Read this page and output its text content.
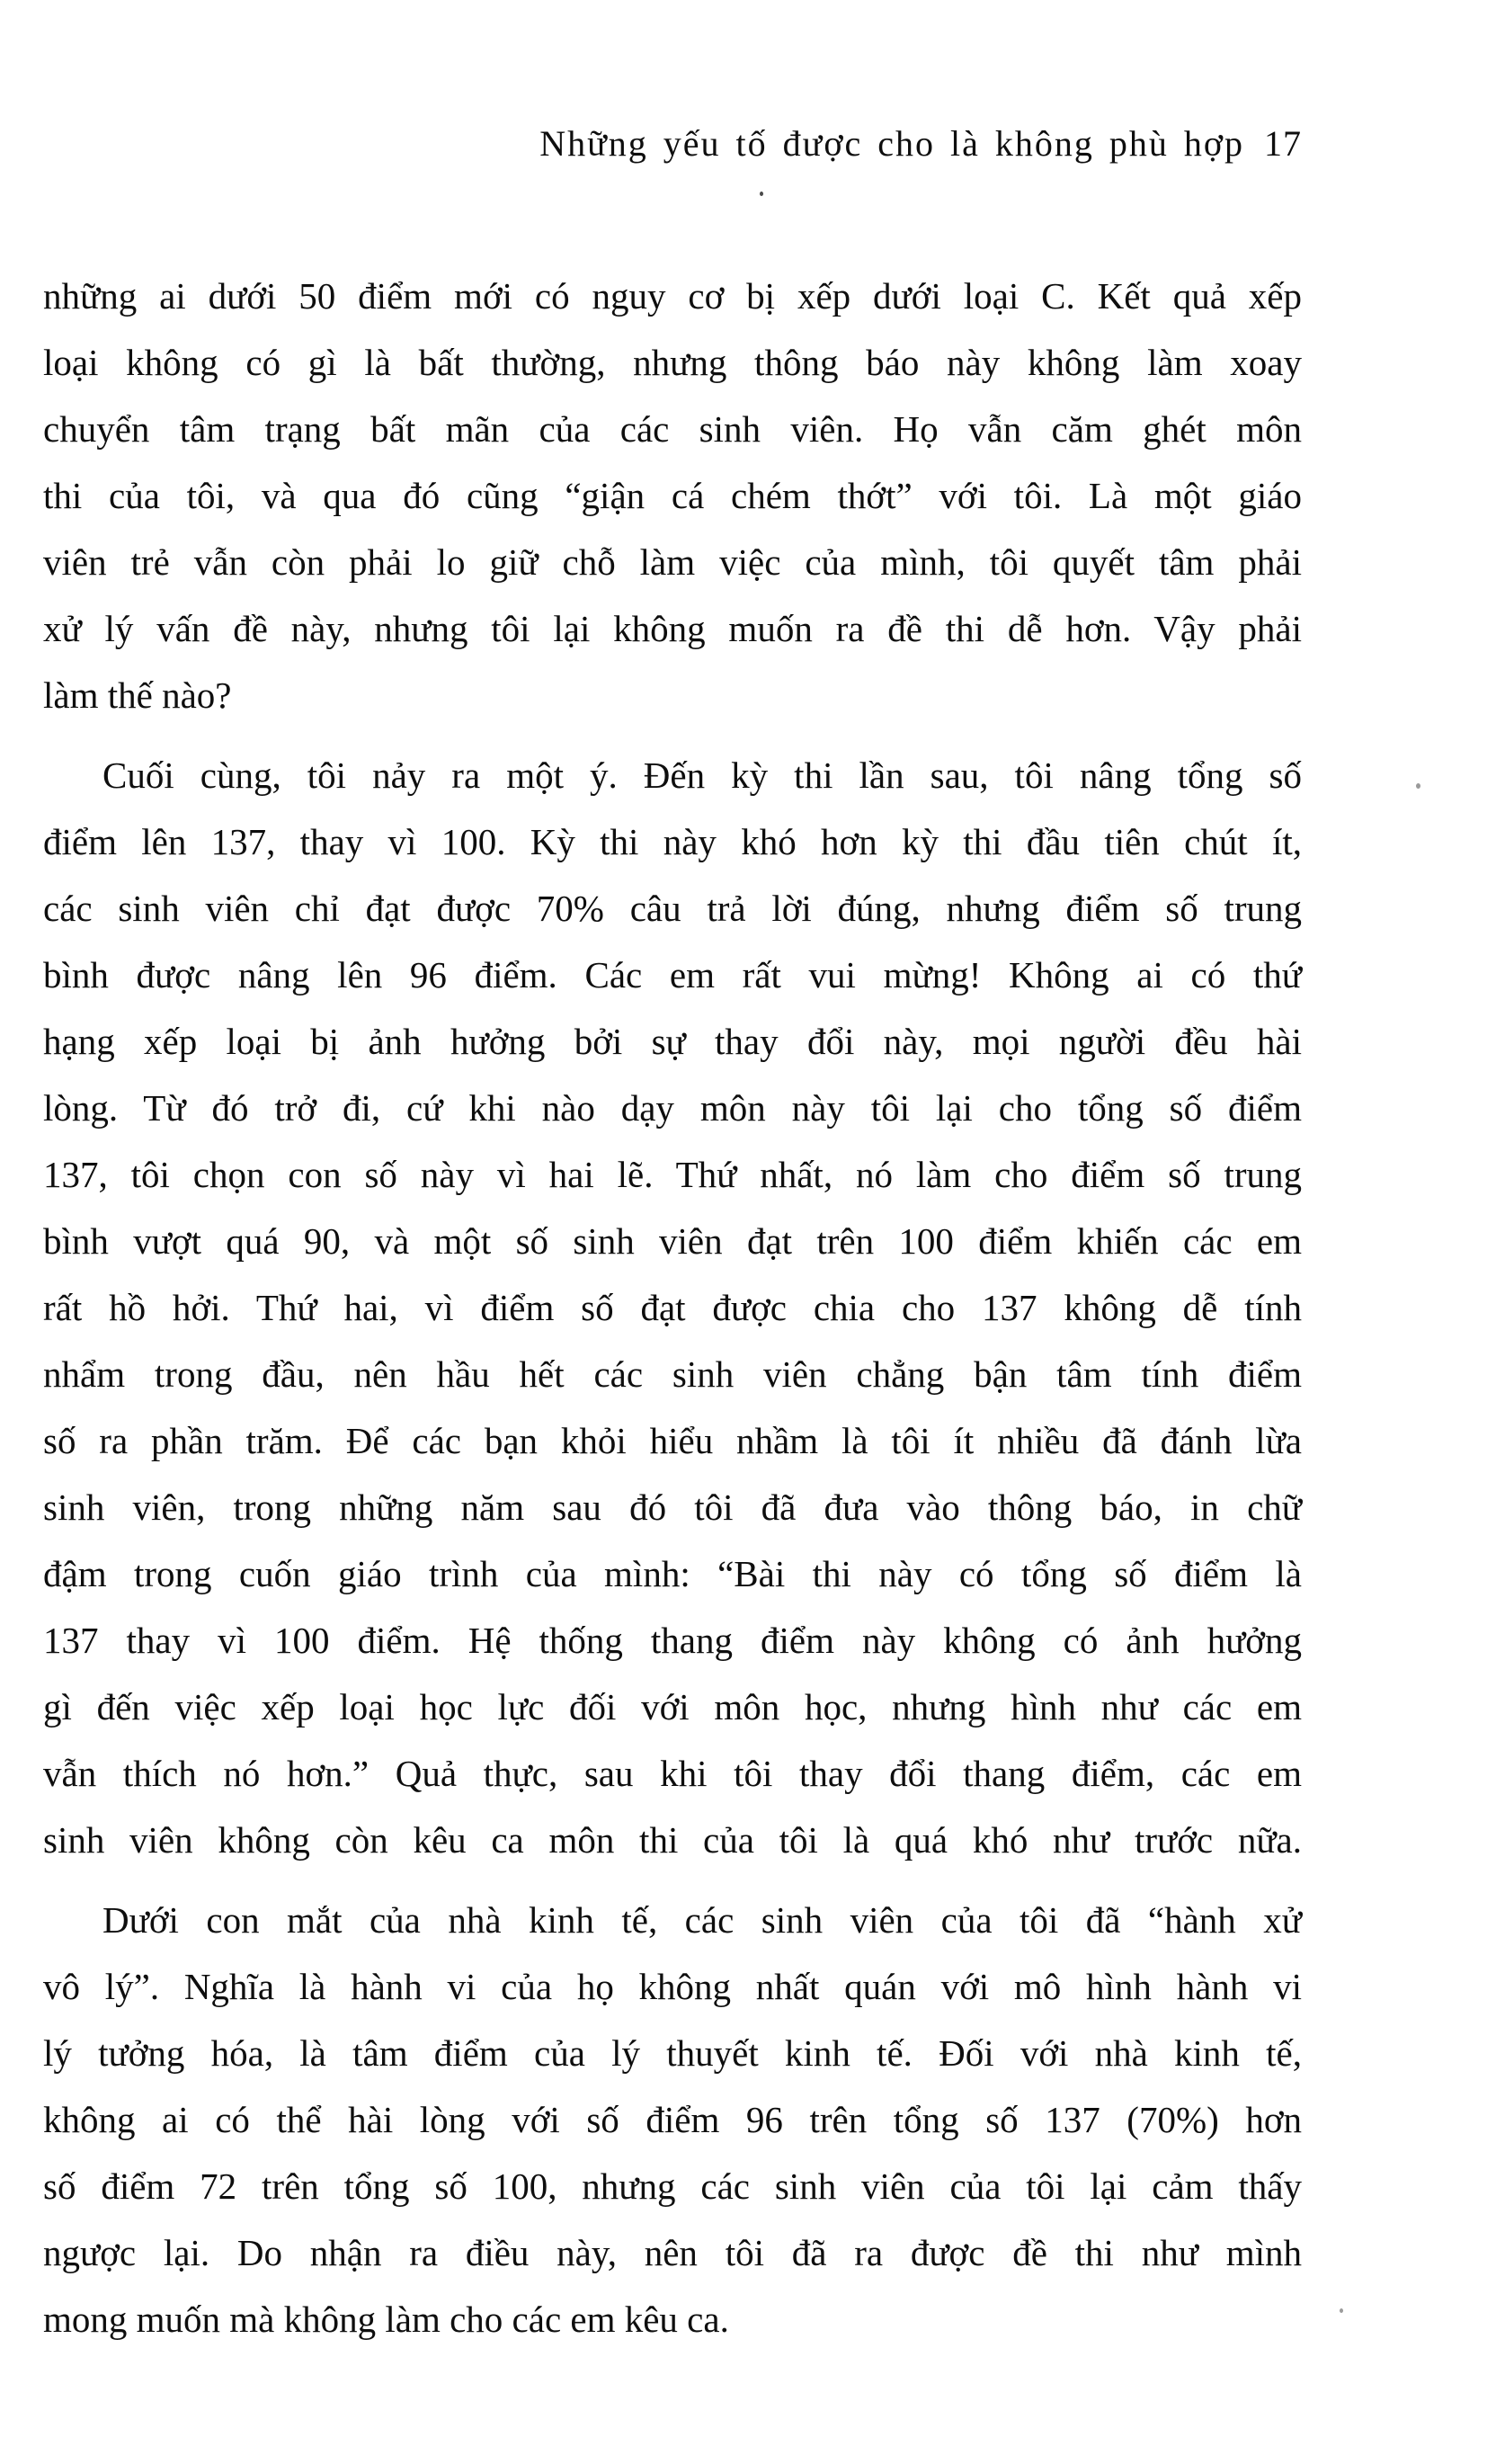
Những yếu tố được cho là không phù hợp 17
những ai dưới 50 điểm mới có nguy cơ bị xếp dưới loại C. Kết quả xếp
loại không có gì là bất thường, nhưng thông báo này không làm xoay
chuyển tâm trạng bất mãn của các sinh viên. Họ vẫn căm ghét môn
thi của tôi, và qua đó cũng “giận cá chém thớt” với tôi. Là một giáo
viên trẻ vẫn còn phải lo giữ chỗ làm việc của mình, tôi quyết tâm phải
xử lý vấn đề này, nhưng tôi lại không muốn ra đề thi dễ hơn. Vậy phải
làm thế nào?
Cuối cùng, tôi nảy ra một ý. Đến kỳ thi lần sau, tôi nâng tổng số
điểm lên 137, thay vì 100. Kỳ thi này khó hơn kỳ thi đầu tiên chút ít,
các sinh viên chỉ đạt được 70% câu trả lời đúng, nhưng điểm số trung
bình được nâng lên 96 điểm. Các em rất vui mừng! Không ai có thứ
hạng xếp loại bị ảnh hưởng bởi sự thay đổi này, mọi người đều hài
lòng. Từ đó trở đi, cứ khi nào dạy môn này tôi lại cho tổng số điểm
137, tôi chọn con số này vì hai lẽ. Thứ nhất, nó làm cho điểm số trung
bình vượt quá 90, và một số sinh viên đạt trên 100 điểm khiến các em
rất hồ hởi. Thứ hai, vì điểm số đạt được chia cho 137 không dễ tính
nhẩm trong đầu, nên hầu hết các sinh viên chẳng bận tâm tính điểm
số ra phần trăm. Để các bạn khỏi hiểu nhầm là tôi ít nhiều đã đánh lừa
sinh viên, trong những năm sau đó tôi đã đưa vào thông báo, in chữ
đậm trong cuốn giáo trình của mình: “Bài thi này có tổng số điểm là
137 thay vì 100 điểm. Hệ thống thang điểm này không có ảnh hưởng
gì đến việc xếp loại học lực đối với môn học, nhưng hình như các em
vẫn thích nó hơn.” Quả thực, sau khi tôi thay đổi thang điểm, các em
sinh viên không còn kêu ca môn thi của tôi là quá khó như trước nữa.
Dưới con mắt của nhà kinh tế, các sinh viên của tôi đã “hành xử
vô lý”. Nghĩa là hành vi của họ không nhất quán với mô hình hành vi
lý tưởng hóa, là tâm điểm của lý thuyết kinh tế. Đối với nhà kinh tế,
không ai có thể hài lòng với số điểm 96 trên tổng số 137 (70%) hơn
số điểm 72 trên tổng số 100, nhưng các sinh viên của tôi lại cảm thấy
ngược lại. Do nhận ra điều này, nên tôi đã ra được đề thi như mình
mong muốn mà không làm cho các em kêu ca.
